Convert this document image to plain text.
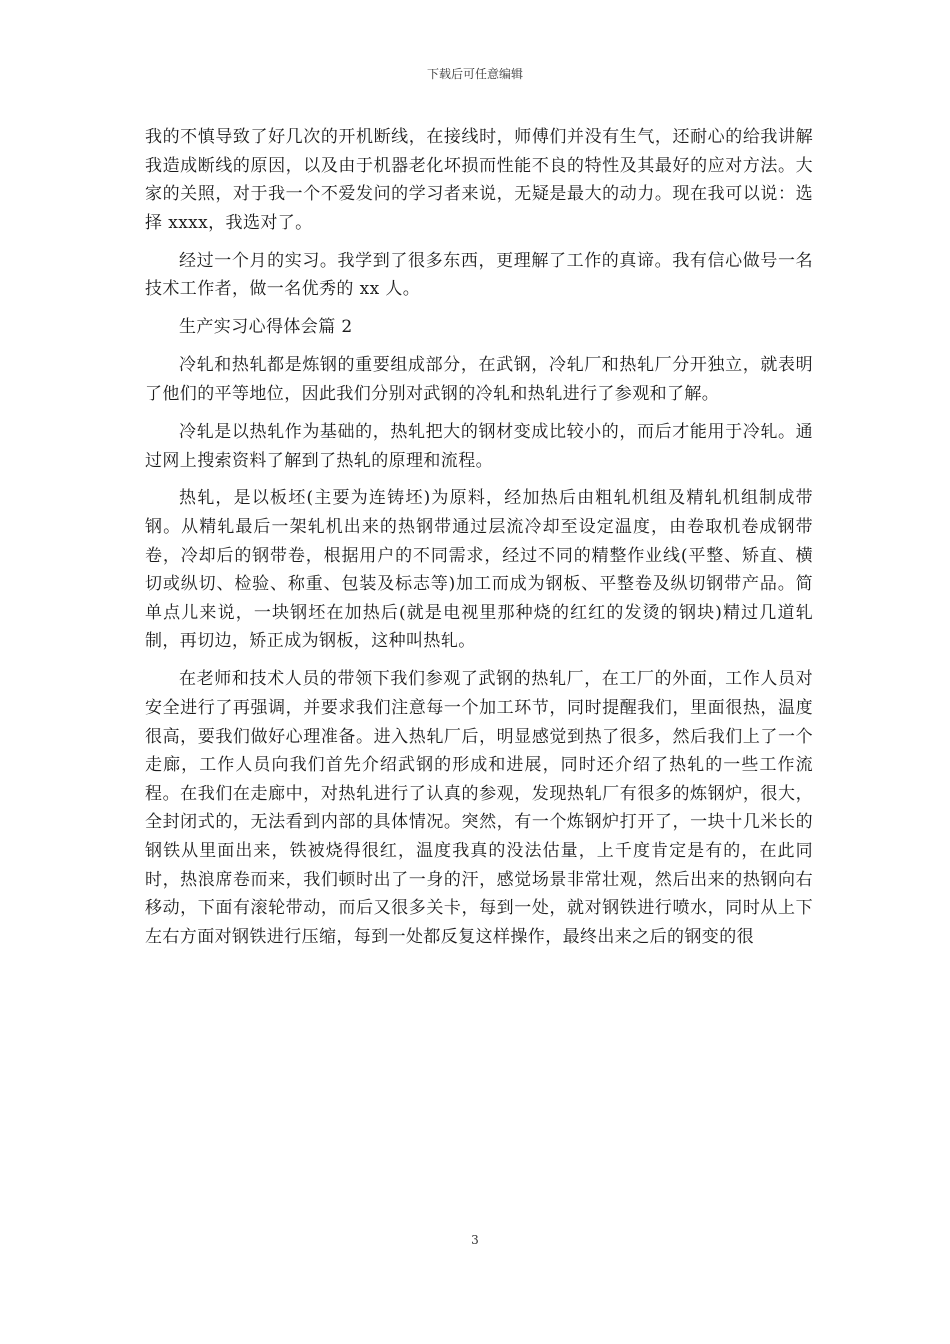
下载后可任意编辑

我的不慎导致了好几次的开机断线，在接线时，师傅们并没有生气，还耐心的给我讲解我造成断线的原因，以及由于机器老化坏损而性能不良的特性及其最好的应对方法。大家的关照，对于我一个不爱发问的学习者来说，无疑是最大的动力。现在我可以说：选择 xxxx，我选对了。

经过一个月的实习。我学到了很多东西，更理解了工作的真谛。我有信心做号一名技术工作者，做一名优秀的 xx 人。

生产实习心得体会篇 2

冷轧和热轧都是炼钢的重要组成部分，在武钢，冷轧厂和热轧厂分开独立，就表明了他们的平等地位，因此我们分别对武钢的冷轧和热轧进行了参观和了解。

冷轧是以热轧作为基础的，热轧把大的钢材变成比较小的，而后才能用于冷轧。通过网上搜索资料了解到了热轧的原理和流程。

热轧，是以板坯(主要为连铸坯)为原料，经加热后由粗轧机组及精轧机组制成带钢。从精轧最后一架轧机出来的热钢带通过层流冷却至设定温度，由卷取机卷成钢带卷，冷却后的钢带卷，根据用户的不同需求，经过不同的精整作业线(平整、矫直、横切或纵切、检验、称重、包装及标志等)加工而成为钢板、平整卷及纵切钢带产品。简单点儿来说，一块钢坯在加热后(就是电视里那种烧的红红的发烫的钢块)精过几道轧制，再切边，矫正成为钢板，这种叫热轧。

在老师和技术人员的带领下我们参观了武钢的热轧厂，在工厂的外面，工作人员对安全进行了再强调，并要求我们注意每一个加工环节，同时提醒我们，里面很热，温度很高，要我们做好心理准备。进入热轧厂后，明显感觉到热了很多，然后我们上了一个走廊，工作人员向我们首先介绍武钢的形成和进展，同时还介绍了热轧的一些工作流程。在我们在走廊中，对热轧进行了认真的参观，发现热轧厂有很多的炼钢炉，很大，全封闭式的，无法看到内部的具体情况。突然，有一个炼钢炉打开了，一块十几米长的钢铁从里面出来，铁被烧得很红，温度我真的没法估量，上千度肯定是有的，在此同时，热浪席卷而来，我们顿时出了一身的汗，感觉场景非常壮观，然后出来的热钢向右移动，下面有滚轮带动，而后又很多关卡，每到一处，就对钢铁进行喷水，同时从上下左右方面对钢铁进行压缩，每到一处都反复这样操作，最终出来之后的钢变的很

3
